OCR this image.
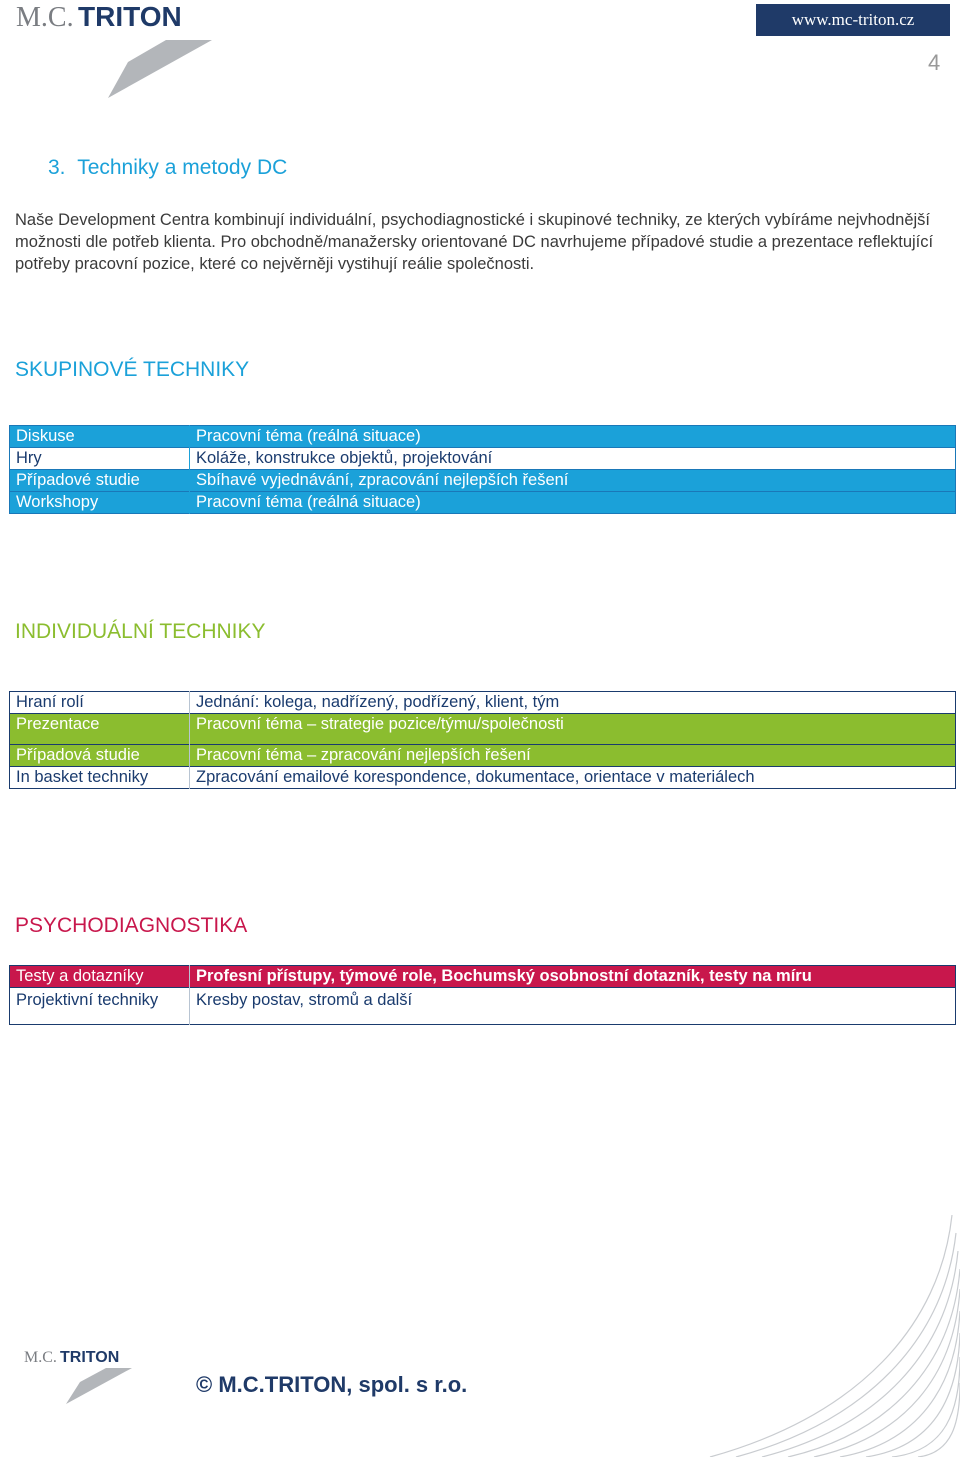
M.C. TRITON	www.mc-triton.cz
4
3. Techniky a metody DC
Naše Development Centra kombinují individuální, psychodiagnostické i skupinové techniky, ze kterých vybíráme nejvhodnější možnosti dle potřeb klienta. Pro obchodně/manažersky orientované DC navrhujeme případové studie a prezentace reflektující potřeby pracovní pozice, které co nejvěrněji vystihují reálie společnosti.
SKUPINOVÉ TECHNIKY
Diskuse	Pracovní téma (reálná situace)
Hry	Koláže, konstrukce objektů, projektování
Případové studie	Sbíhavé vyjednávání, zpracování nejlepších řešení
Workshopy	Pracovní téma (reálná situace)
INDIVIDUÁLNÍ TECHNIKY
Hraní rolí	Jednání: kolega, nadřízený, podřízený, klient, tým
Prezentace	Pracovní téma – strategie pozice/týmu/společnosti
Případová studie	Pracovní téma – zpracování nejlepších řešení
In basket techniky	Zpracování emailové korespondence, dokumentace, orientace v materiálech
PSYCHODIAGNOSTIKA
Testy a dotazníky	Profesní přístupy, týmové role, Bochumský osobnostní dotazník, testy na míru
Projektivní techniky	Kresby postav, stromů a další
M.C. TRITON
© M.C.TRITON, spol. s r.o.
